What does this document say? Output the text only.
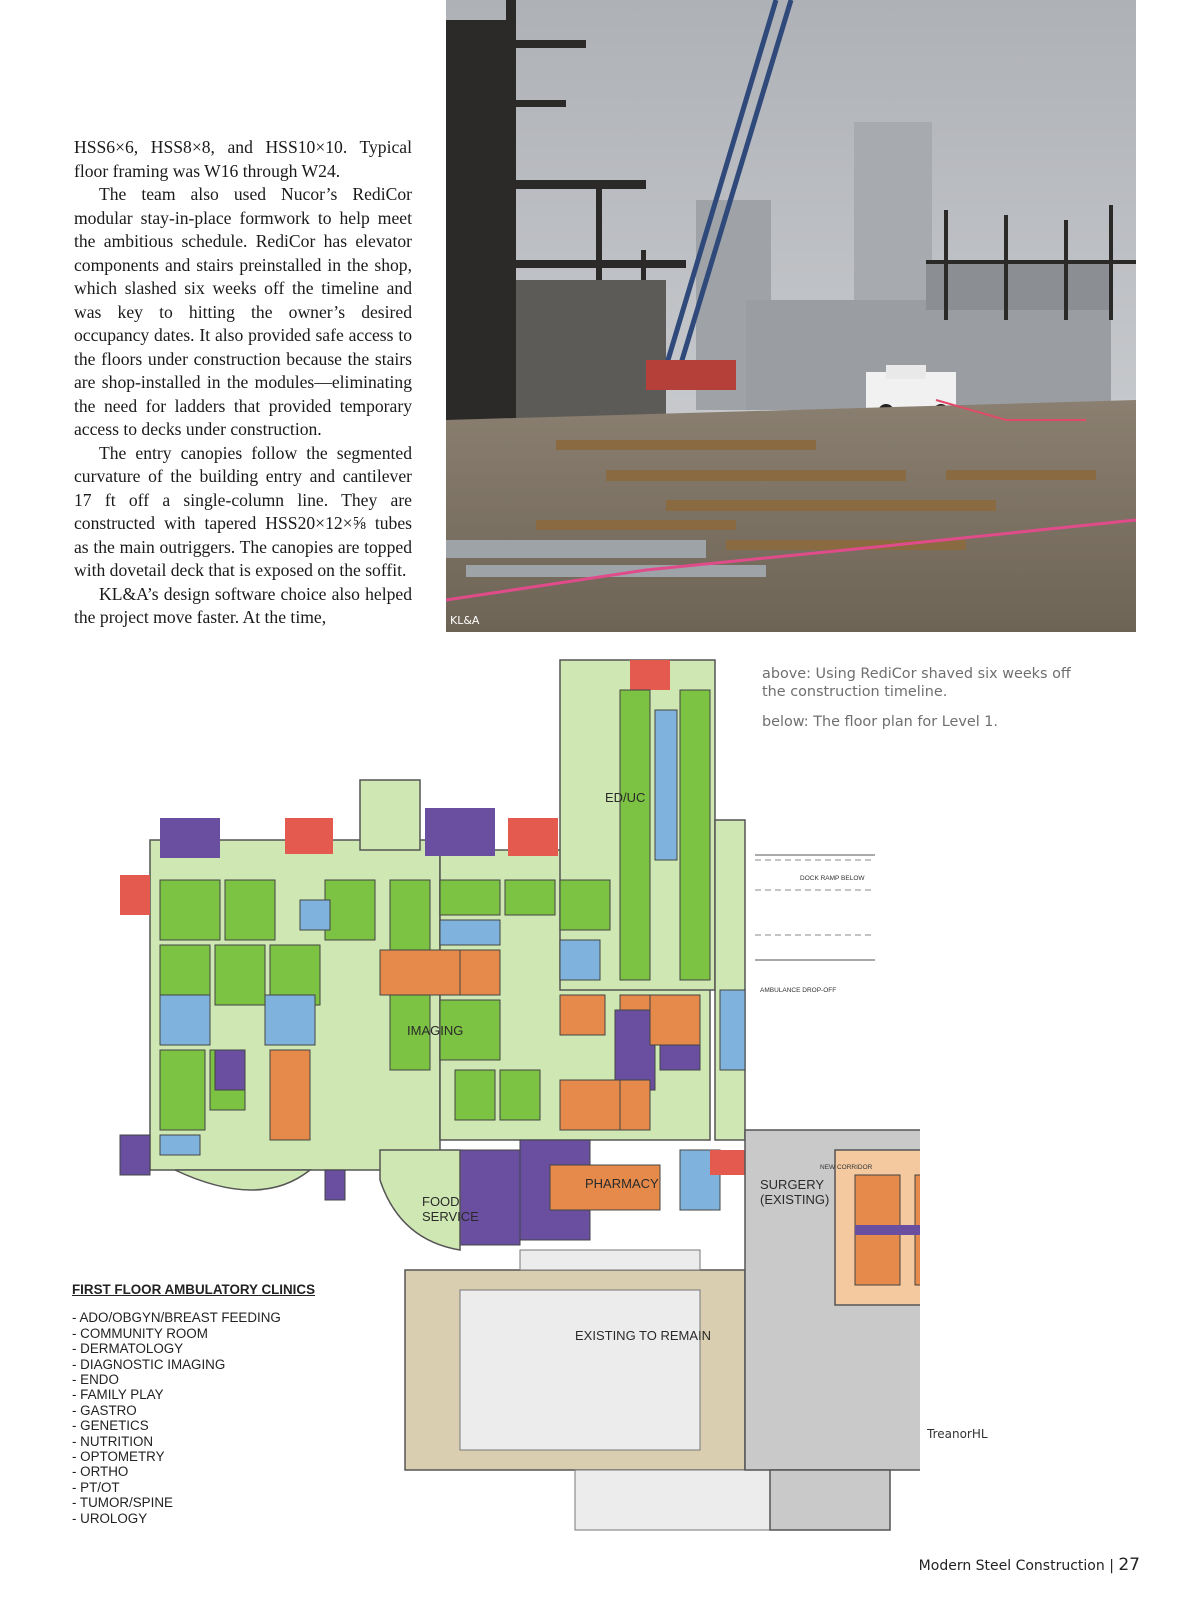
HSS6×6, HSS8×8, and HSS10×10. Typical floor framing was W16 through W24.

The team also used Nucor’s RediCor modular stay-in-place formwork to help meet the ambitious schedule. RediCor has elevator components and stairs preinstalled in the shop, which slashed six weeks off the timeline and was key to hitting the owner’s desired occupancy dates. It also provided safe access to the floors under construction because the stairs are shop-installed in the modules—eliminating the need for ladders that provided temporary access to decks under construction.

The entry canopies follow the segmented curvature of the building entry and cantilever 17 ft off a single-column line. They are constructed with tapered HSS20×12×⅝ tubes as the main outriggers. The canopies are topped with dovetail deck that is exposed on the soffit.

KL&A’s design software choice also helped the project move faster. At the time,	KL&A

above: Using RediCor shaved six weeks off the construction timeline.

below: The floor plan for Level 1.

ED/UC
IMAGING
FOOD
SERVICE
PHARMACY	SURGERY
(EXISTING)
EXISTING TO REMAIN
DOCK RAMP BELOW
AMBULANCE DROP-OFF
NEW CORRIDOR
FIRST FLOOR AMBULATORY CLINICS
- ADO/OBGYN/BREAST FEEDING
- COMMUNITY ROOM
- DERMATOLOGY
- DIAGNOSTIC IMAGING
- ENDO
- FAMILY PLAY
- GASTRO
- GENETICS
- NUTRITION
- OPTOMETRY
- ORTHO
- PT/OT
- TUMOR/SPINE
- UROLOGY
TreanorHL
Modern Steel Construction | 27
